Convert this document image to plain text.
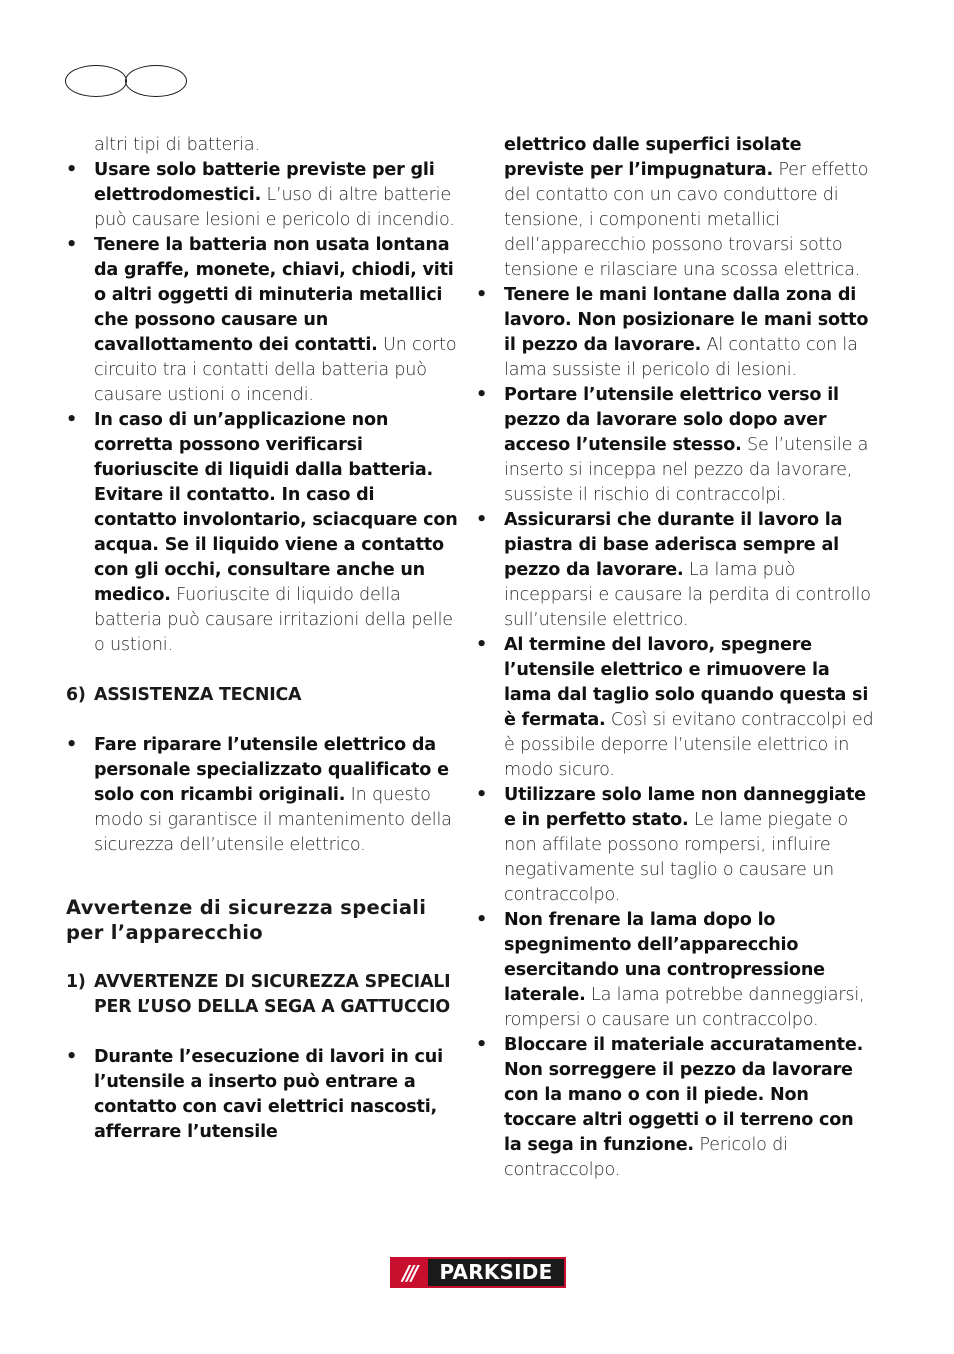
altri tipi di batteria.
• Usare solo batterie previste per gli elettrodomestici. L’uso di altre batterie può causare lesioni e pericolo di incendio.
• Tenere la batteria non usata lontana da graffe, monete, chiavi, chiodi, viti o altri oggetti di minuteria metallici che possono causare un cavallottamento dei contatti. Un corto circuito tra i contatti della batteria può causare ustioni o incendi.
• In caso di un’applicazione non corretta possono verificarsi fuoriuscite di liquidi dalla batteria. Evitare il contatto. In caso di contatto involontario, sciacquare con acqua. Se il liquido viene a contatto con gli occhi, consultare anche un medico. Fuoriuscite di liquido della batteria può causare irritazioni della pelle o ustioni.
6) ASSISTENZA TECNICA
• Fare riparare l’utensile elettrico da personale specializzato qualificato e solo con ricambi originali. In questo modo si garantisce il mantenimento della sicurezza dell’utensile elettrico.
Avvertenze di sicurezza speciali per l’apparecchio
1) AVVERTENZE DI SICUREZZA SPECIALI PER L’USO DELLA SEGA A GATTUCCIO
• Durante l’esecuzione di lavori in cui l’utensile a inserto può entrare a contatto con cavi elettrici nascosti, afferrare l’utensile
elettrico dalle superfici isolate previste per l’impugnatura. Per effetto del contatto con un cavo conduttore di tensione, i componenti metallici dell’apparecchio possono trovarsi sotto tensione e rilasciare una scossa elettrica.
• Tenere le mani lontane dalla zona di lavoro. Non posizionare le mani sotto il pezzo da lavorare. Al contatto con la lama sussiste il pericolo di lesioni.
• Portare l’utensile elettrico verso il pezzo da lavorare solo dopo aver acceso l’utensile stesso. Se l’utensile a inserto si inceppa nel pezzo da lavorare, sussiste il rischio di contraccolpi.
• Assicurarsi che durante il lavoro la piastra di base aderisca sempre al pezzo da lavorare. La lama può incepparsi e causare la perdita di controllo sull’utensile elettrico.
• Al termine del lavoro, spegnere l’utensile elettrico e rimuovere la lama dal taglio solo quando questa si è fermata. Così si evitano contraccolpi ed è possibile deporre l’utensile elettrico in modo sicuro.
• Utilizzare solo lame non danneggiate e in perfetto stato. Le lame piegate o non affilate possono rompersi, influire negativamente sul taglio o causare un contraccolpo.
• Non frenare la lama dopo lo spegnimento dell’apparecchio esercitando una contropressione laterale. La lama potrebbe danneggiarsi, rompersi o causare un contraccolpo.
• Bloccare il materiale accuratamente. Non sorreggere il pezzo da lavorare con la mano o con il piede. Non toccare altri oggetti o il terreno con la sega in funzione. Pericolo di contraccolpo.
///	PARKSIDE
